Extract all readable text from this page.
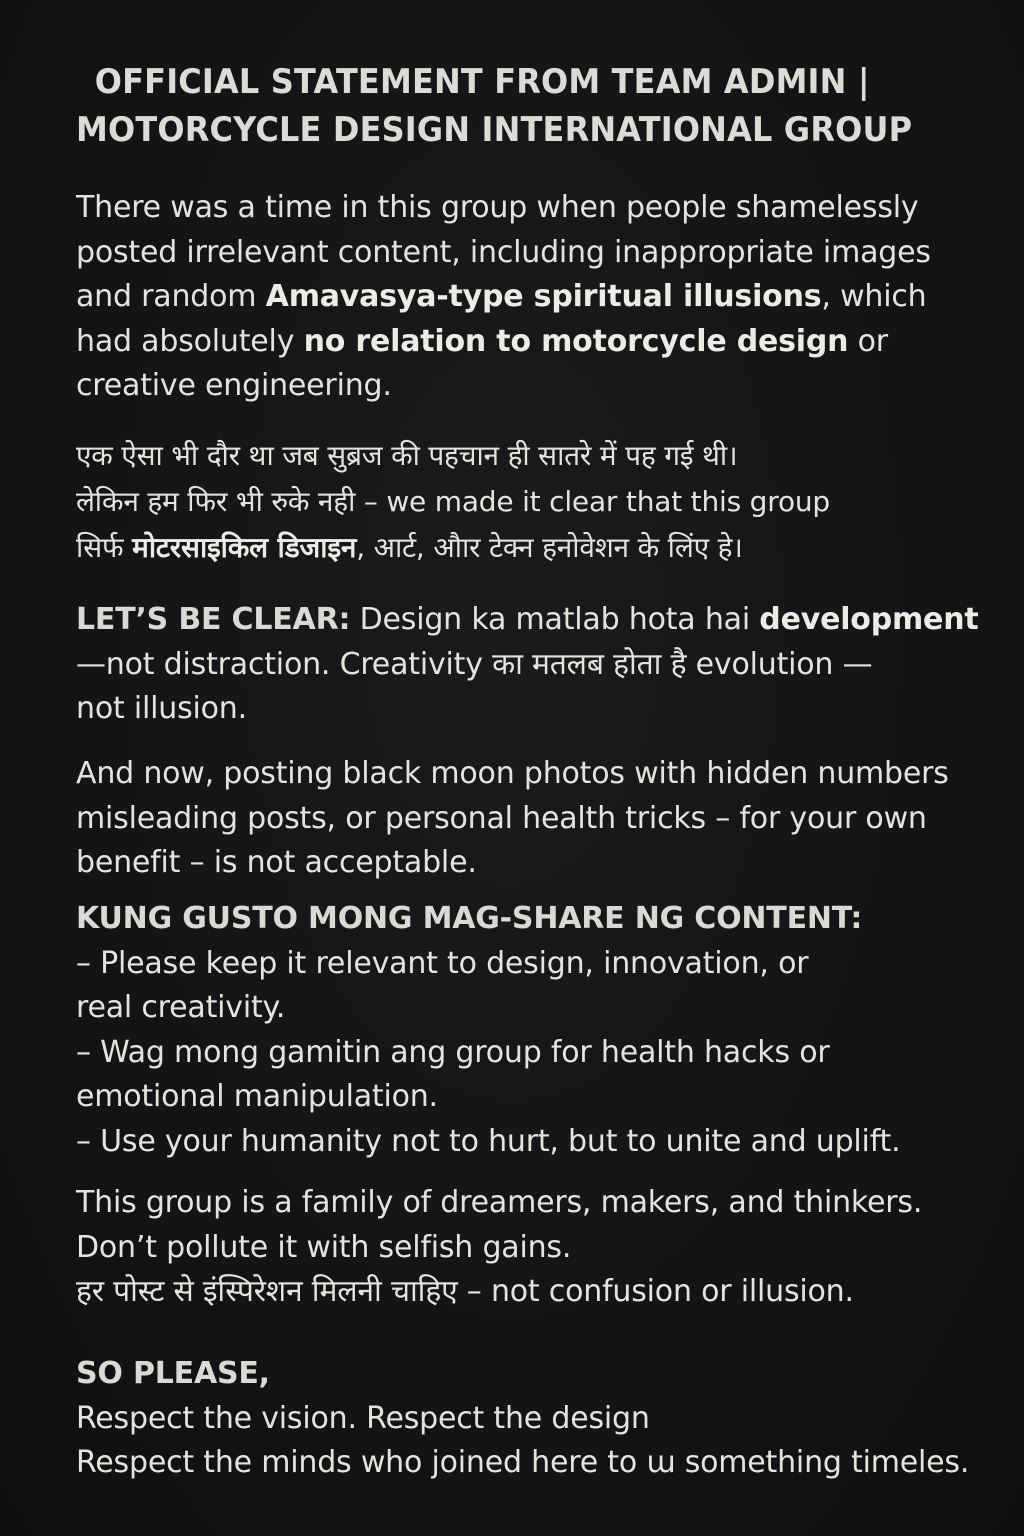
OFFICIAL STATEMENT FROM TEAM ADMIN |
MOTORCYCLE DESIGN INTERNATIONAL GROUP
There was a time in this group when people shamelessly
posted irrelevant content, including inappropriate images
and random Amavasya-type spiritual illusions, which
had absolutely no relation to motorcycle design or
creative engineering.
एक ऐसा भी दौर था जब सुब्रज की पहचान ही सातरे में पह गई थी।
लेकिन हम फिर भी रुके नही – we made it clear that this group
सिर्फ मोटरसाइकिल डिजाइन, आर्ट, औार टेक्न हनोवेशन के लिंए हे।
LET’S BE CLEAR: Design ka matlab hota hai development
—not distraction. Creativity का मतलब होता है evolution —
not illusion.
And now, posting black moon photos with hidden numbers
misleading posts, or personal health tricks – for your own
benefit – is not acceptable.
KUNG GUSTO MONG MAG-SHARE NG CONTENT:
– Please keep it relevant to design, innovation, or
real creativity.
– Wag mong gamitin ang group for health hacks or
emotional manipulation.
– Use your humanity not to hurt, but to unite and uplift.
This group is a family of dreamers, makers, and thinkers.
Don’t pollute it with selfish gains.
हर पोस्ट से इंस्पिरेशन मिलनी चाहिए – not confusion or illusion.
SO PLEASE,
Respect the vision. Respect the design
Respect the minds who joined here to ɯ something timeles.
